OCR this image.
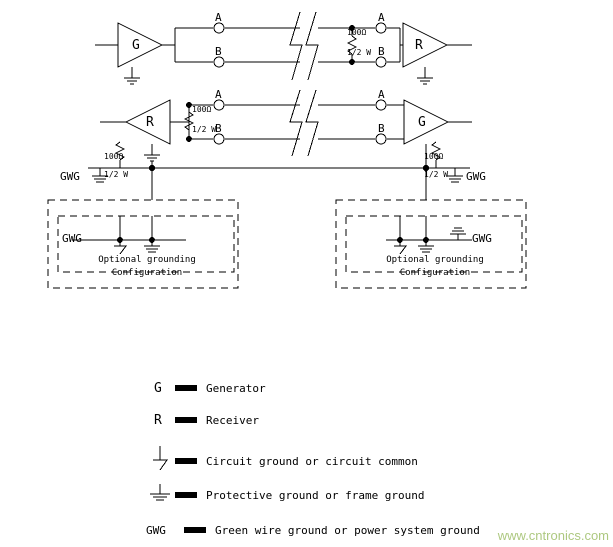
G	R
R	G
A
B
A
B
A
B
A
B
100Ω
1/2 W
100Ω
1/2 W
100Ω
1/2 W
100Ω
1/2 W
GWG	GWG
GWG	GWG
Optional grounding
Configuration
Optional grounding
Configuration
G	Generator
R	Receiver
Circuit ground or circuit common
Protective ground or frame ground
GWG	Green wire ground or power system ground www.cntronics.com
